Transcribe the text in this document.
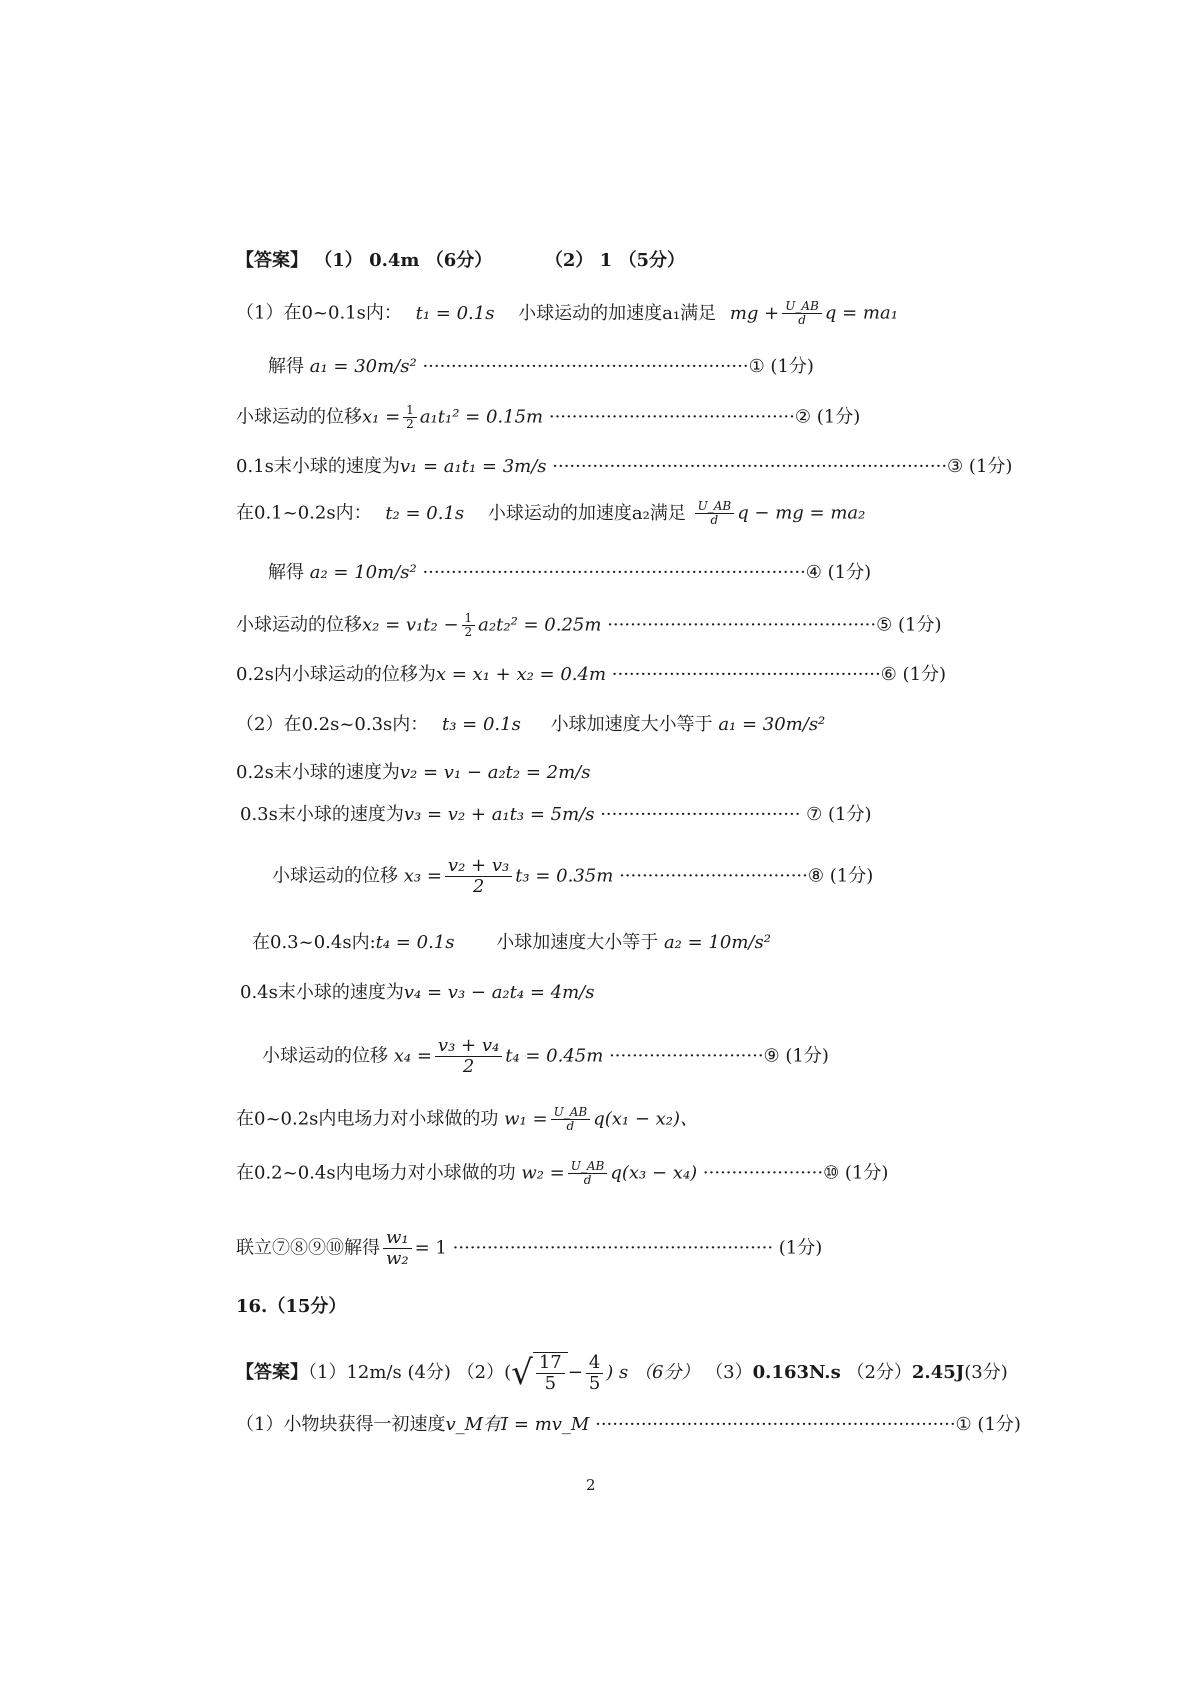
【答案】 （1） 0.4m （6分）	（2） 1 （5分）
（1）在0~0.1s内： t₁ = 0.1s 小球运动的加速度a₁满足 mg + $\frac{U\_AB}{d}$ q = ma₁
解得 a₁ = 30m/s² ·························································① (1分)
小球运动的位移$x_1 = \frac{1}{2} a_1t_1^2 = 0.15m$ ···········································② (1分)
0.1s末小球的速度为v₁ = a₁t₁ = 3m/s ·····································································③ (1分)
在0.1~0.2s内： t₂ = 0.1s 小球运动的加速度a₂满足 $\frac{U\_AB}{d}$ q − mg = ma₂
解得 a₂ = 10m/s² ···································································④ (1分)
小球运动的位移$x_2 = v_1t_2 - \frac{1}{2} a_2t_2^2 = 0.25m$ ···············································⑤ (1分)
0.2s内小球运动的位移为x = x₁ + x₂ = 0.4m ···············································⑥ (1分)
（2）在0.2s~0.3s内： t₃ = 0.1s 小球加速度大小等于 a₁ = 30m/s²
0.2s末小球的速度为v₂ = v₁ − a₂t₂ = 2m/s
0.3s末小球的速度为v₃ = v₂ + a₁t₃ = 5m/s ··································· ⑦ (1分)
小球运动的位移 $x_3 = \frac{\text{v₂ + v₃}}{2} t_3 = 0.35m$ ·································⑧ (1分)
在0.3~0.4s内:t₄ = 0.1s 小球加速度大小等于 a₂ = 10m/s²
0.4s末小球的速度为v₄ = v₃ − a₂t₄ = 4m/s
小球运动的位移 $x_4 = \frac{\text{v₃ + v₄}}{2} t_4 = 0.45m$ ···························⑨ (1分)
在0~0.2s内电场力对小球做的功 $w_1 = \frac{U\_AB}{d} q(x_1 - x_2)$、
在0.2~0.4s内电场力对小球做的功 $w_2 = \frac{U\_AB}{d} q(x_3 - x_4)$ ·····················⑩ (1分)
联立⑦⑧⑨⑩解得 $\frac{\text{w₁}}{\text{w₂}} = 1$ ························································ (1分)
16.（15分）
【答案】（1）12m/s (4分) $(2)(√ \frac{17}{5} - \frac{4}{5}$ ) s （6分） （3）0.163N.s （2分）2.45J(3分)
（1）小物块获得一初速度v_M有I = mv_M ·······························································① (1分)
2
